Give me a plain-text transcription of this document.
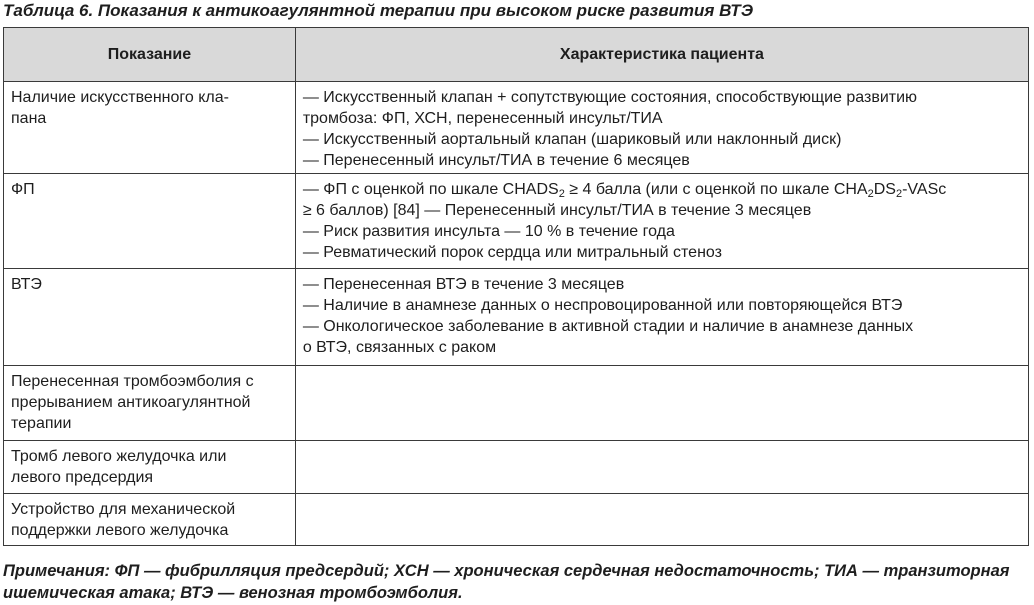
Таблица 6. Показания к антикоагулянтной терапии при высоком риске развития ВТЭ
Показание	Характеристика пациента

Наличие искусственного кла-
пана	— Искусственный клапан + сопутствующие состояния, способствующие развитию
тромбоза: ФП, ХСН, перенесенный инсульт/ТИА
— Искусственный аортальный клапан (шариковый или наклонный диск)
— Перенесенный инсульт/ТИА в течение 6 месяцев

ФП	— ФП с оценкой по шкале $CHADS_2 \ge 4$ балла (или с оценкой по шкале $CHA_2DS_2$-VASc
≥ 6 баллов) [84] — Перенесенный инсульт/ТИА в течение 3 месяцев
— Риск развития инсульта — 10 % в течение года
— Ревматический порок сердца или митральный стеноз

ВТЭ	— Перенесенная ВТЭ в течение 3 месяцев
— Наличие в анамнезе данных о неспровоцированной или повторяющейся ВТЭ
— Онкологическое заболевание в активной стадии и наличие в анамнезе данных
о ВТЭ, связанных с раком

Перенесенная тромбоэмболия с
прерыванием антикоагулянтной
терапии	

Тромб левого желудочка или
левого предсердия	

Устройство для механической
поддержки левого желудочка	

Примечания: ФП — фибрилляция предсердий; ХСН — хроническая сердечная недостаточность; ТИА — транзиторная ишемическая атака; ВТЭ — венозная тромбоэмболия.
